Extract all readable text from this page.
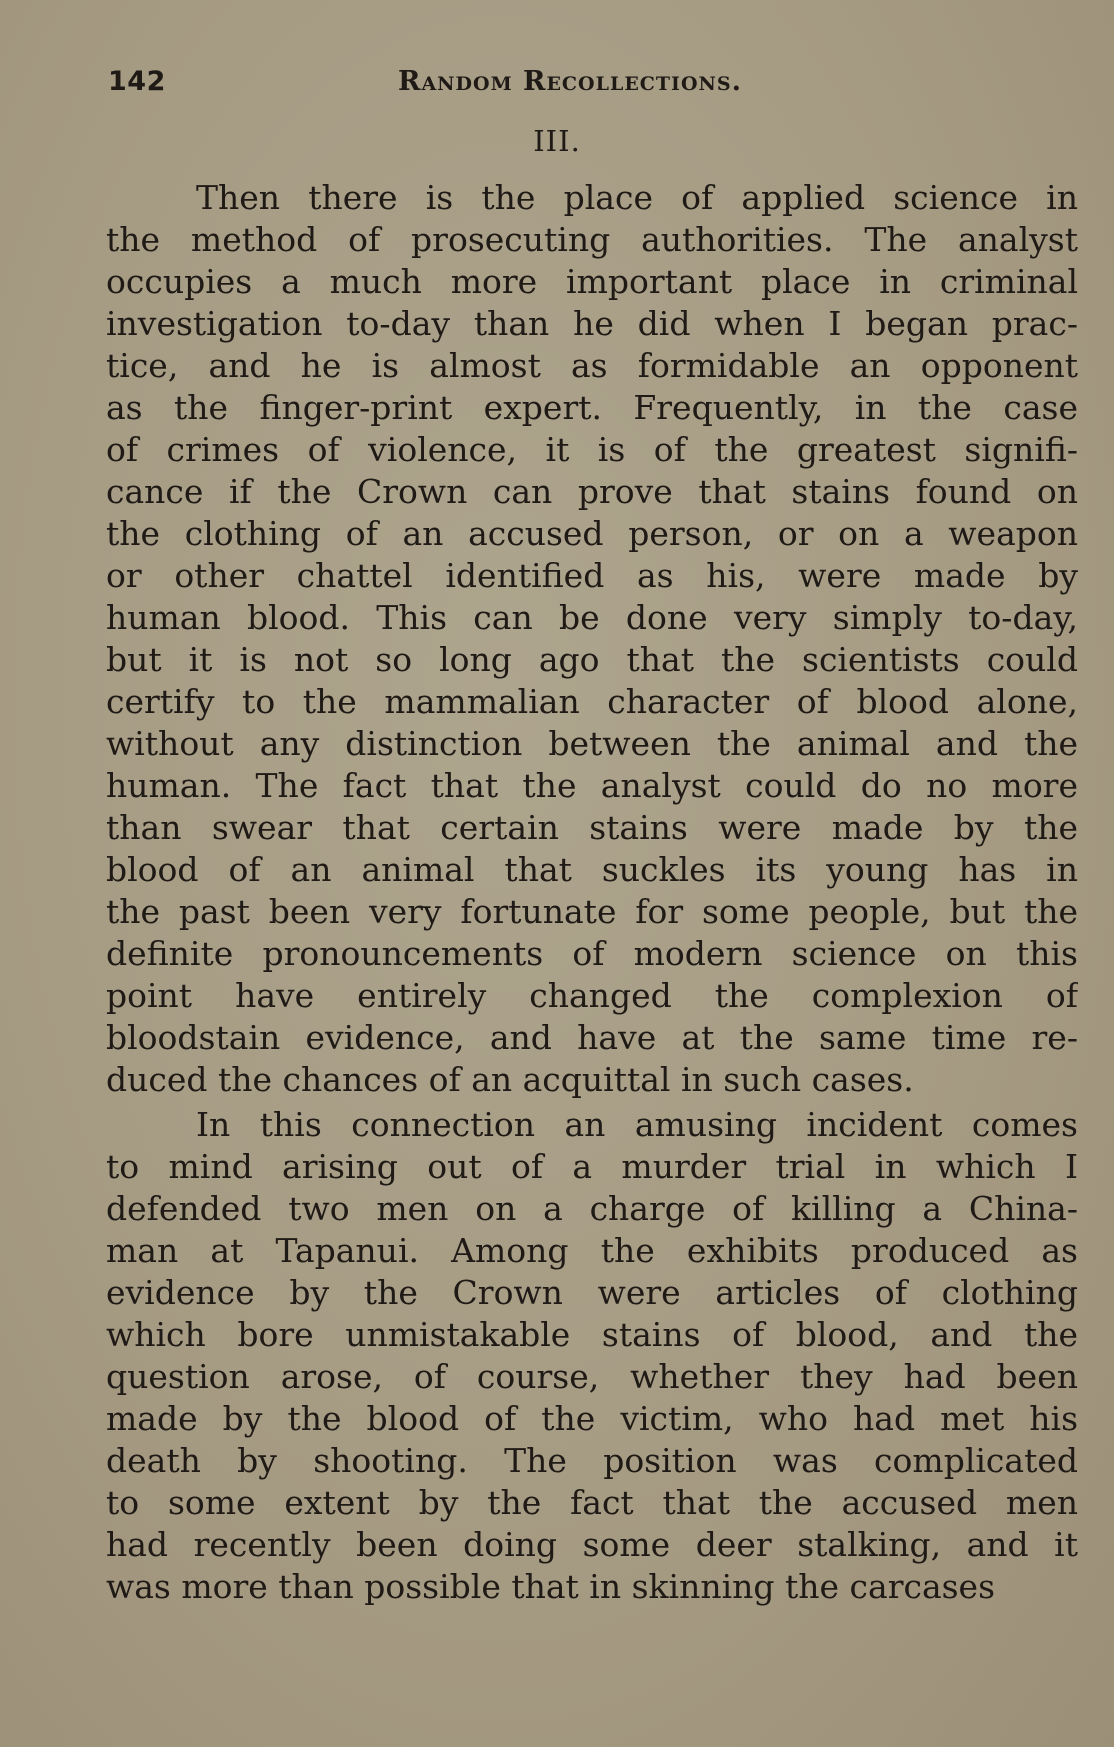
142	Random Recollections.
III.
Then there is the place of applied science in
the method of prosecuting authorities. The analyst
occupies a much more important place in criminal
investigation to-day than he did when I began prac-
tice, and he is almost as formidable an opponent
as the finger-print expert. Frequently, in the case
of crimes of violence, it is of the greatest signifi-
cance if the Crown can prove that stains found on
the clothing of an accused person, or on a weapon
or other chattel identified as his, were made by
human blood. This can be done very simply to-day,
but it is not so long ago that the scientists could
certify to the mammalian character of blood alone,
without any distinction between the animal and the
human. The fact that the analyst could do no more
than swear that certain stains were made by the
blood of an animal that suckles its young has in
the past been very fortunate for some people, but the
definite pronouncements of modern science on this
point have entirely changed the complexion of
bloodstain evidence, and have at the same time re-
duced the chances of an acquittal in such cases.
In this connection an amusing incident comes
to mind arising out of a murder trial in which I
defended two men on a charge of killing a China-
man at Tapanui. Among the exhibits produced as
evidence by the Crown were articles of clothing
which bore unmistakable stains of blood, and the
question arose, of course, whether they had been
made by the blood of the victim, who had met his
death by shooting. The position was complicated
to some extent by the fact that the accused men
had recently been doing some deer stalking, and it
was more than possible that in skinning the carcases
